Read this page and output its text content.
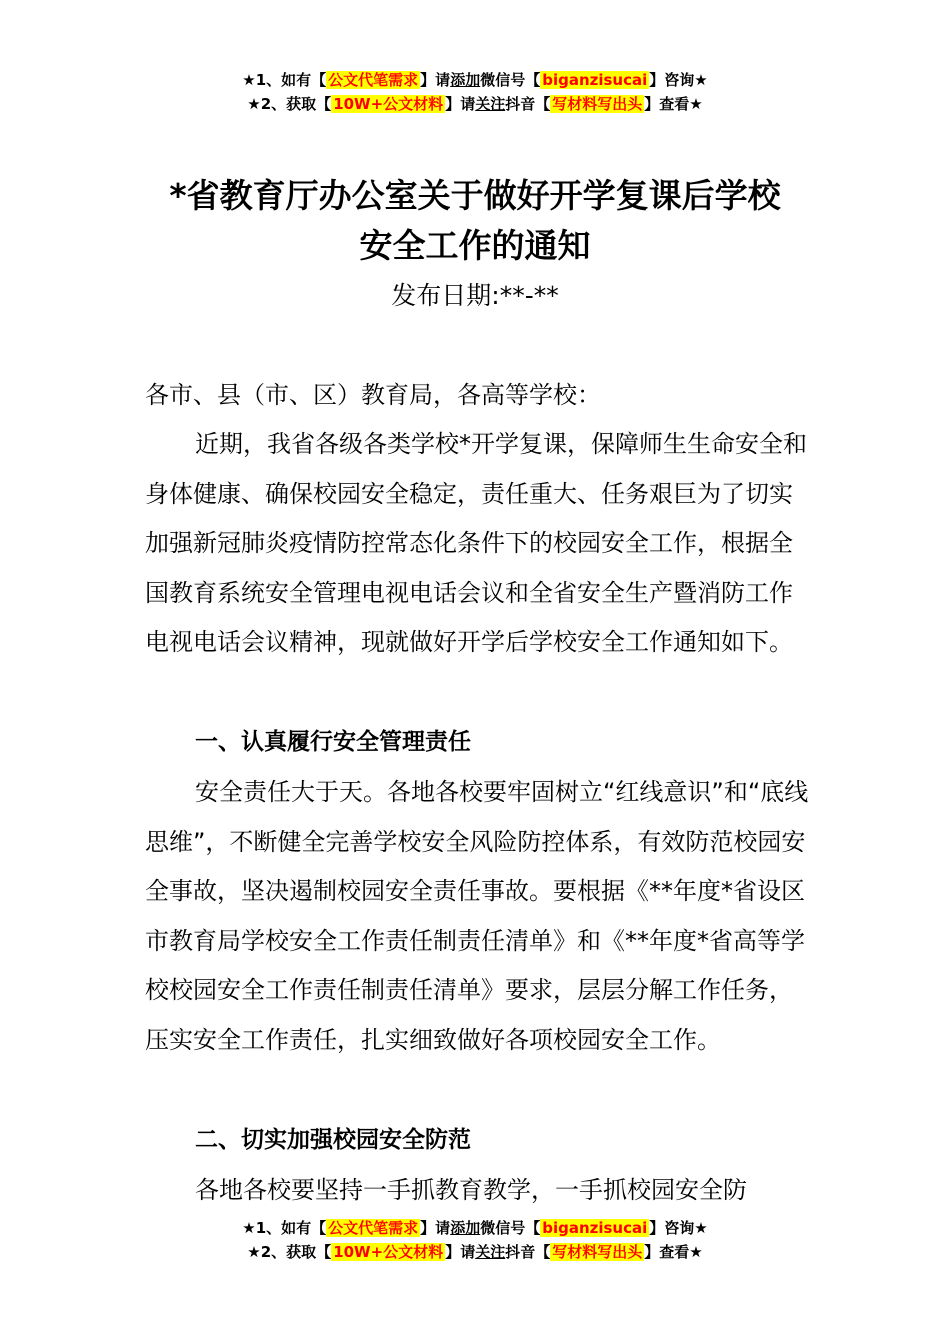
★1、如有【 公文代笔需求 】请添加微信号【 biganzisucai 】咨询★
★2、获取【 10W+公文材料 】请关注抖音【 写材料写出头 】查看★
*省教育厅办公室关于做好开学复课后学校
安全工作的通知
发布日期:**-**
各市、县（市、区）教育局，各高等学校：

近期，我省各级各类学校*开学复课，保障师生生命安全和身体健康、确保校园安全稳定，责任重大、任务艰巨为了切实加强新冠肺炎疫情防控常态化条件下的校园安全工作，根据全国教育系统安全管理电视电话会议和全省安全生产暨消防工作电视电话会议精神，现就做好开学后学校安全工作通知如下。

一、认真履行安全管理责任

安全责任大于天。各地各校要牢固树立“红线意识”和“底线思维”，不断健全完善学校安全风险防控体系，有效防范校园安全事故，坚决遏制校园安全责任事故。要根据《**年度*省设区市教育局学校安全工作责任制责任清单》和《**年度*省高等学校校园安全工作责任制责任清单》要求，层层分解工作任务，压实安全工作责任，扎实细致做好各项校园安全工作。

二、切实加强校园安全防范

各地各校要坚持一手抓教育教学，一手抓校园安全防

★1、如有【 公文代笔需求 】请添加微信号【 biganzisucai 】咨询★
★2、获取【 10W+公文材料 】请关注抖音【 写材料写出头 】查看★
